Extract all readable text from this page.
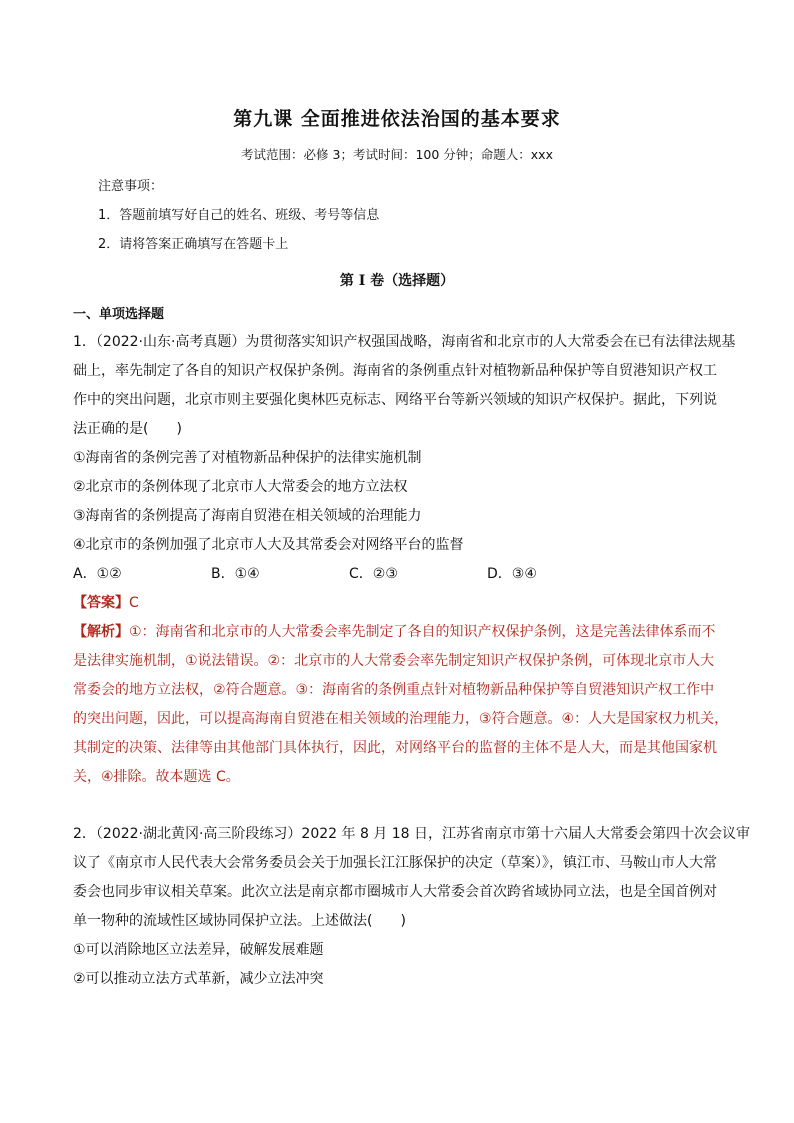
第九课 全面推进依法治国的基本要求
考试范围：必修 3；考试时间：100 分钟；命题人：xxx
注意事项：
1．答题前填写好自己的姓名、班级、考号等信息
2．请将答案正确填写在答题卡上
第 I 卷（选择题）
一、单项选择题
1．（2022·山东·高考真题）为贯彻落实知识产权强国战略，海南省和北京市的人大常委会在已有法律法规基
础上，率先制定了各自的知识产权保护条例。海南省的条例重点针对植物新品种保护等自贸港知识产权工
作中的突出问题，北京市则主要强化奥林匹克标志、网络平台等新兴领域的知识产权保护。据此，下列说
法正确的是(　　)
①海南省的条例完善了对植物新品种保护的法律实施机制
②北京市的条例体现了北京市人大常委会的地方立法权
③海南省的条例提高了海南自贸港在相关领域的治理能力
④北京市的条例加强了北京市人大及其常委会对网络平台的监督
A．①②	B．①④	C．②③	D．③④
【答案】C
【解析】①：海南省和北京市的人大常委会率先制定了各自的知识产权保护条例，这是完善法律体系而不
是法律实施机制，①说法错误。②：北京市的人大常委会率先制定知识产权保护条例，可体现北京市人大
常委会的地方立法权，②符合题意。③：海南省的条例重点针对植物新品种保护等自贸港知识产权工作中
的突出问题，因此，可以提高海南自贸港在相关领域的治理能力，③符合题意。④：人大是国家权力机关，
其制定的决策、法律等由其他部门具体执行，因此，对网络平台的监督的主体不是人大，而是其他国家机
关，④排除。故本题选 C。
2．（2022·湖北黄冈·高三阶段练习）2022 年 8 月 18 日，江苏省南京市第十六届人大常委会第四十次会议审
议了《南京市人民代表大会常务委员会关于加强长江江豚保护的决定（草案）》，镇江市、马鞍山市人大常
委会也同步审议相关草案。此次立法是南京都市圈城市人大常委会首次跨省域协同立法，也是全国首例对
单一物种的流域性区域协同保护立法。上述做法(　　)
①可以消除地区立法差异，破解发展难题
②可以推动立法方式革新，减少立法冲突
